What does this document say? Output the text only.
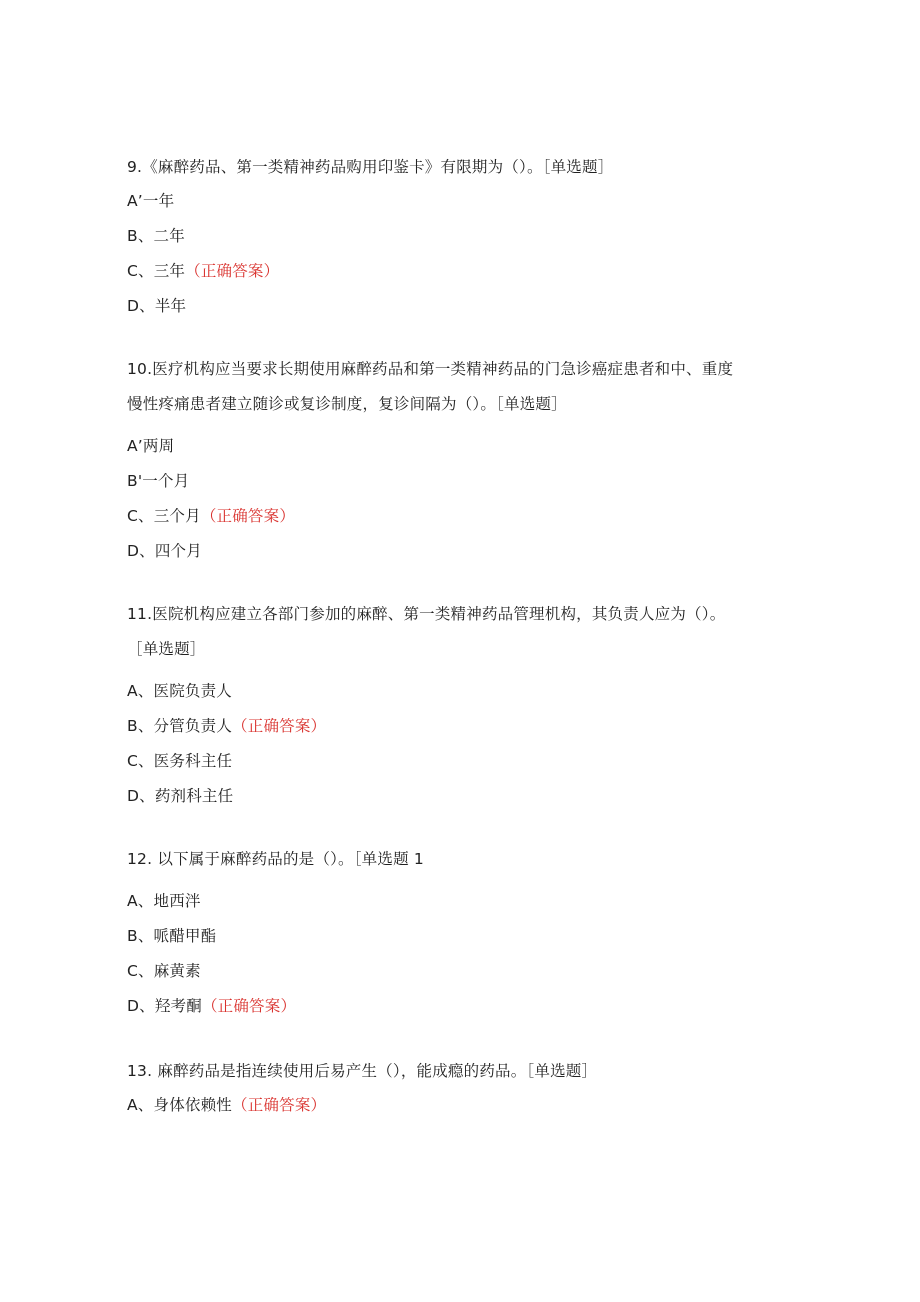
9.《麻醉药品、第一类精神药品购用印鉴卡》有限期为（）。［单选题］
A’一年
B、二年
C、三年（正确答案）
D、半年
10.医疗机构应当要求长期使用麻醉药品和第一类精神药品的门急诊癌症患者和中、重度
慢性疼痛患者建立随诊或复诊制度，复诊间隔为（）。［单选题］
A’两周
B'一个月
C、三个月（正确答案）
D、四个月
11.医院机构应建立各部门参加的麻醉、第一类精神药品管理机构，其负责人应为（）。
［单选题］
A、医院负责人
B、分管负责人（正确答案）
C、医务科主任
D、药剂科主任
12. 以下属于麻醉药品的是（）。［单选题 1
A、地西泮
B、哌醋甲酯
C、麻黄素
D、羟考酮（正确答案）
13. 麻醉药品是指连续使用后易产生（），能成瘾的药品。［单选题］
A、身体依赖性（正确答案）
